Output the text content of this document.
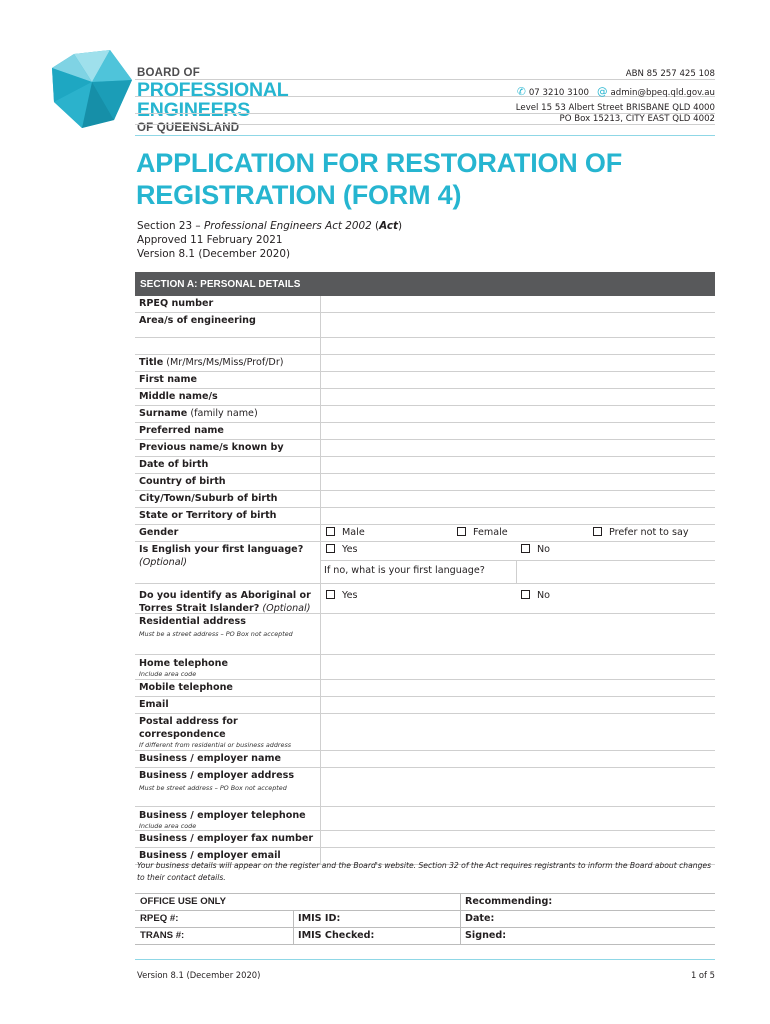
BOARD OF
PROFESSIONAL
ENGINEERS
OF QUEENSLAND
ABN 85 257 425 108
✆ 07 3210 3100 @ admin@bpeq.qld.gov.au
Level 15 53 Albert Street BRISBANE QLD 4000
PO Box 15213, CITY EAST QLD 4002
APPLICATION FOR RESTORATION OF
REGISTRATION (FORM 4)
Section 23 – Professional Engineers Act 2002 (Act)
Approved 11 February 2021
Version 8.1 (December 2020)
SECTION A: PERSONAL DETAILS
RPEQ number
Area/s of engineering
Title (Mr/Mrs/Ms/Miss/Prof/Dr)
First name
Middle name/s
Surname (family name)
Preferred name
Previous name/s known by
Date of birth
Country of birth
City/Town/Suburb of birth
State or Territory of birth
Gender	Male	Female	Prefer not to say
Is English your first language?
(Optional)
Yes	No
If no, what is your first language?
Do you identify as Aboriginal or
Torres Strait Islander? (Optional)
Yes	No
Residential address
Must be a street address – PO Box not accepted
Home telephone
Include area code
Mobile telephone
Email
Postal address for
correspondence
If different from residential or business address
Business / employer name
Business / employer address
Must be street address – PO Box not accepted
Business / employer telephone
Include area code
Business / employer fax number
Business / employer email
Your business details will appear on the register and the Board's website. Section 32 of the Act requires registrants to inform the Board about changes to their contact details.
OFFICE USE ONLY	Recommending:
RPEQ #:	IMIS ID:	Date:
TRANS #:	IMIS Checked:	Signed:
Version 8.1 (December 2020)	1 of 5
